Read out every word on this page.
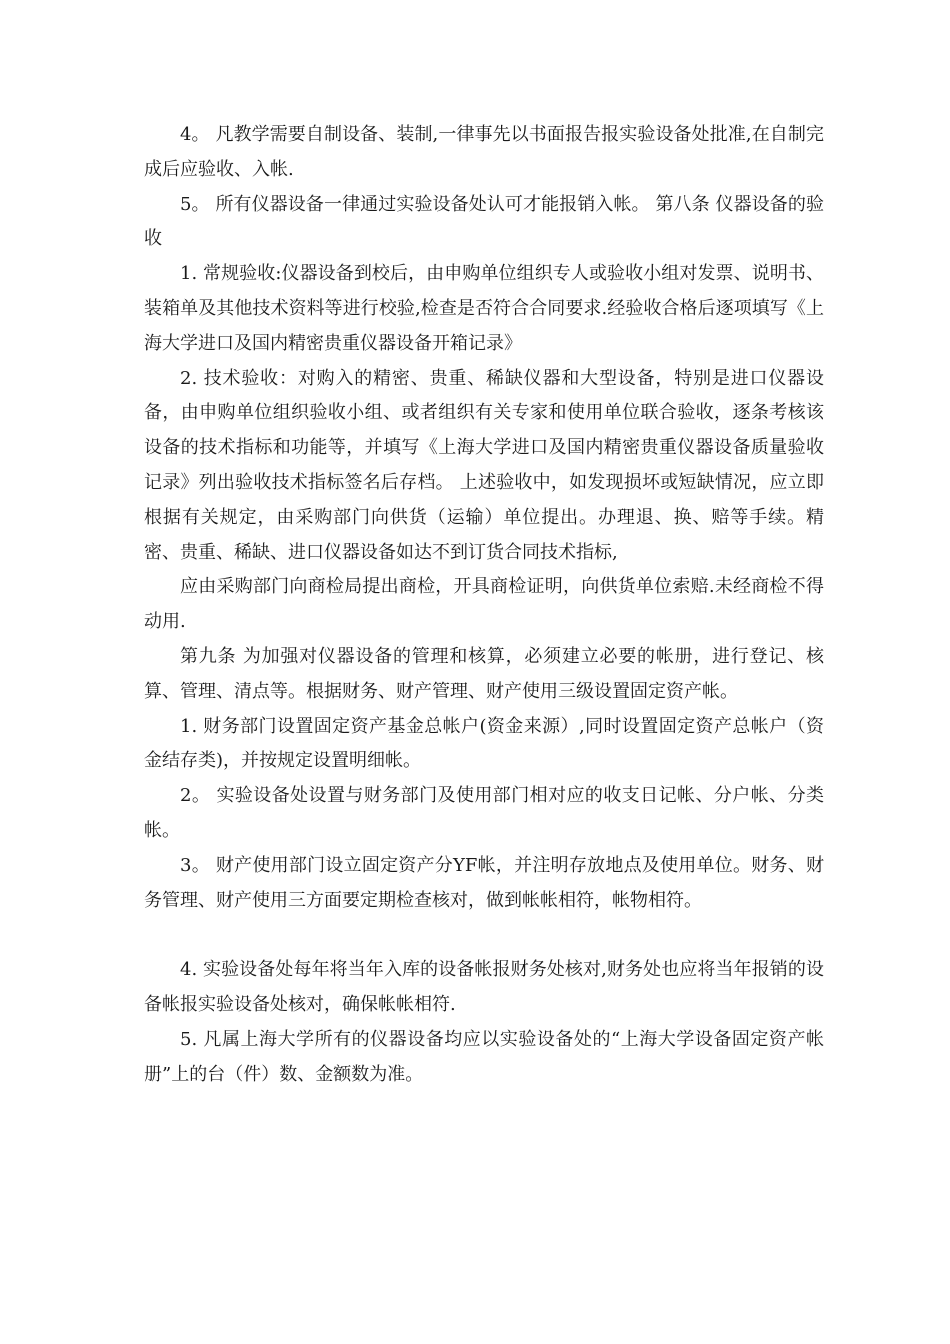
4。 凡教学需要自制设备、装制,一律事先以书面报告报实验设备处批准,在自制完成后应验收、入帐.

5。 所有仪器设备一律通过实验设备处认可才能报销入帐。 第八条 仪器设备的验收

1. 常规验收:仪器设备到校后，由申购单位组织专人或验收小组对发票、说明书、装箱单及其他技术资料等进行校验,检查是否符合合同要求.经验收合格后逐项填写《上海大学进口及国内精密贵重仪器设备开箱记录》

2. 技术验收：对购入的精密、贵重、稀缺仪器和大型设备，特别是进口仪器设备，由申购单位组织验收小组、或者组织有关专家和使用单位联合验收，逐条考核该设备的技术指标和功能等，并填写《上海大学进口及国内精密贵重仪器设备质量验收记录》列出验收技术指标签名后存档。 上述验收中，如发现损坏或短缺情况，应立即根据有关规定，由采购部门向供货（运输）单位提出。办理退、换、赔等手续。精密、贵重、稀缺、进口仪器设备如达不到订货合同技术指标,

应由采购部门向商检局提出商检，开具商检证明，向供货单位索赔.未经商检不得动用.

第九条 为加强对仪器设备的管理和核算，必须建立必要的帐册，进行登记、核算、管理、清点等。根据财务、财产管理、财产使用三级设置固定资产帐。

1. 财务部门设置固定资产基金总帐户(资金来源）,同时设置固定资产总帐户（资金结存类)，并按规定设置明细帐。

2。 实验设备处设置与财务部门及使用部门相对应的收支日记帐、分户帐、分类帐。

3。 财产使用部门设立固定资产分YF帐，并注明存放地点及使用单位。财务、财务管理、财产使用三方面要定期检查核对，做到帐帐相符，帐物相符。

4. 实验设备处每年将当年入库的设备帐报财务处核对,财务处也应将当年报销的设备帐报实验设备处核对，确保帐帐相符.

5. 凡属上海大学所有的仪器设备均应以实验设备处的“上海大学设备固定资产帐册”上的台（件）数、金额数为准。
